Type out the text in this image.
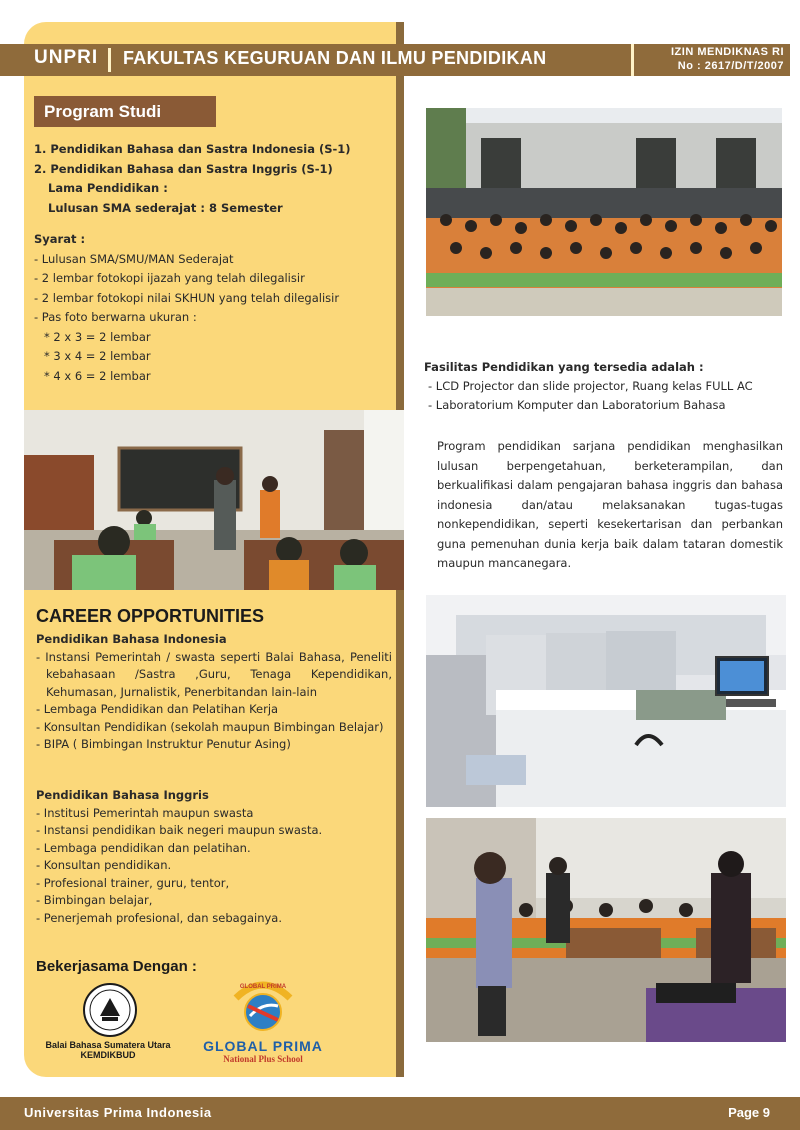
UNPRI FAKULTAS KEGURUAN DAN ILMU PENDIDIKAN	IZIN MENDIKNAS RI
No : 2617/D/T/2007
Program Studi
1. Pendidikan Bahasa dan Sastra Indonesia (S-1)
2. Pendidikan Bahasa dan Sastra Inggris (S-1)
Lama Pendidikan :
Lulusan SMA sederajat : 8 Semester
Syarat :
- Lulusan SMA/SMU/MAN Sederajat
- 2 lembar fotokopi ijazah yang telah dilegalisir
- 2 lembar fotokopi nilai SKHUN yang telah dilegalisir
- Pas foto berwarna ukuran :
* 2 x 3 = 2 lembar
* 3 x 4 = 2 lembar
* 4 x 6 = 2 lembar
CAREER OPPORTUNITIES
Pendidikan Bahasa Indonesia
- Instansi Pemerintah / swasta seperti Balai Bahasa, Peneliti kebahasaan /Sastra ,Guru, Tenaga Kependidikan, Kehumasan, Jurnalistik, Penerbitandan lain-lain
- Lembaga Pendidikan dan Pelatihan Kerja
- Konsultan Pendidikan (sekolah maupun Bimbingan Belajar)
- BIPA ( Bimbingan Instruktur Penutur Asing)
Pendidikan Bahasa Inggris
- Institusi Pemerintah maupun swasta
- Instansi pendidikan baik negeri maupun swasta.
- Lembaga pendidikan dan pelatihan.
- Konsultan pendidikan.
- Profesional trainer, guru, tentor,
- Bimbingan belajar,
- Penerjemah profesional, dan sebagainya.
Bekerjasama Dengan :
Balai Bahasa Sumatera Utara
KEMDIKBUD
GLOBAL PRIMA
GLOBAL PRIMA
National Plus School
Fasilitas Pendidikan yang tersedia adalah :
- LCD Projector dan slide projector, Ruang kelas FULL AC
- Laboratorium Komputer dan Laboratorium Bahasa
Program pendidikan sarjana pendidikan menghasilkan lulusan berpengetahuan, berketerampilan, dan berkualifikasi dalam pengajaran bahasa inggris dan bahasa indonesia dan/atau melaksanakan tugas-tugas nonkependidikan, seperti kesekertarisan dan perbankan guna pemenuhan dunia kerja baik dalam tataran domestik maupun mancanegara.
Universitas Prima Indonesia	Page 9
